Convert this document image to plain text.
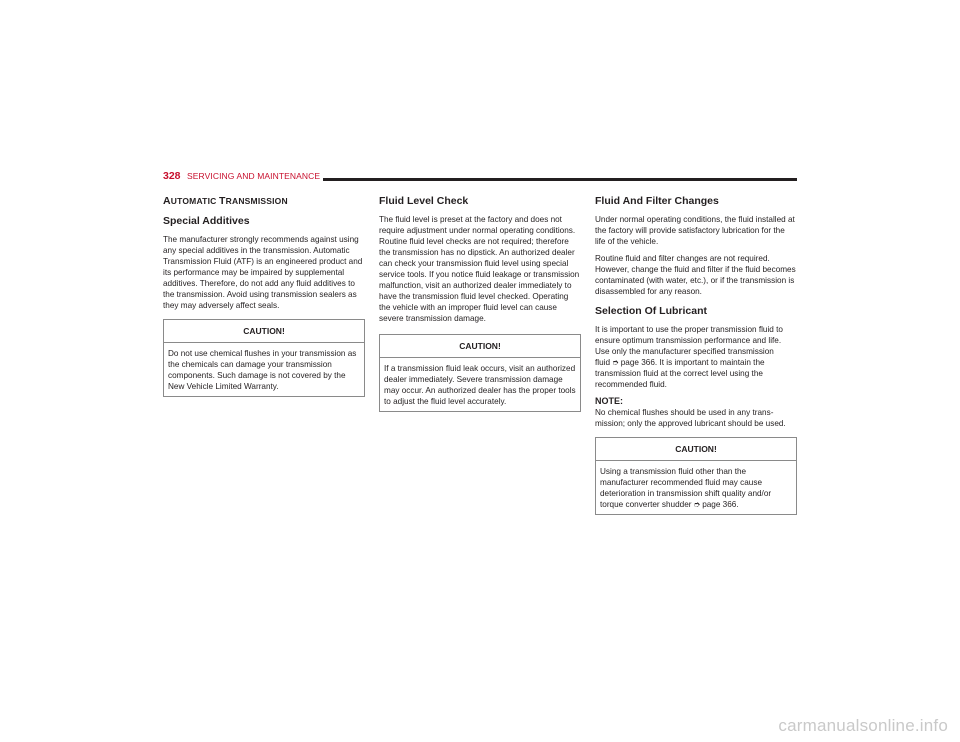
328 SERVICING AND MAINTENANCE
AUTOMATIC TRANSMISSION
Special Additives

The manufacturer strongly recommends against using any special additives in the transmission. Automatic Transmission Fluid (ATF) is an engineered product and its performance may be impaired by supplemental additives. Therefore, do not add any fluid additives to the transmission. Avoid using transmission sealers as they may adversely affect seals.

CAUTION!
Do not use chemical flushes in your transmission as the chemicals can damage your transmission components. Such damage is not covered by the New Vehicle Limited Warranty.
Fluid Level Check

The fluid level is preset at the factory and does not require adjustment under normal operating conditions. Routine fluid level checks are not required; therefore the transmission has no dipstick. An authorized dealer can check your transmission fluid level using special service tools. If you notice fluid leakage or transmission malfunction, visit an authorized dealer immediately to have the transmission fluid level checked. Operating the vehicle with an improper fluid level can cause severe transmission damage.

CAUTION!
If a transmission fluid leak occurs, visit an authorized dealer immediately. Severe transmission damage may occur. An authorized dealer has the proper tools to adjust the fluid level accurately.
Fluid And Filter Changes

Under normal operating conditions, the fluid installed at the factory will provide satisfactory lubrication for the life of the vehicle.

Routine fluid and filter changes are not required. However, change the fluid and filter if the fluid becomes contaminated (with water, etc.), or if the transmission is disassembled for any reason.

Selection Of Lubricant

It is important to use the proper transmission fluid to ensure optimum transmission performance and life. Use only the manufacturer specified transmission fluid ➮ page 366. It is important to maintain the transmission fluid at the correct level using the recommended fluid.

NOTE:

No chemical flushes should be used in any transmission; only the approved lubricant should be used.

CAUTION!
Using a transmission fluid other than the manufacturer recommended fluid may cause deterioration in transmission shift quality and/or torque converter shudder ➮ page 366.
carmanualsonline.info
